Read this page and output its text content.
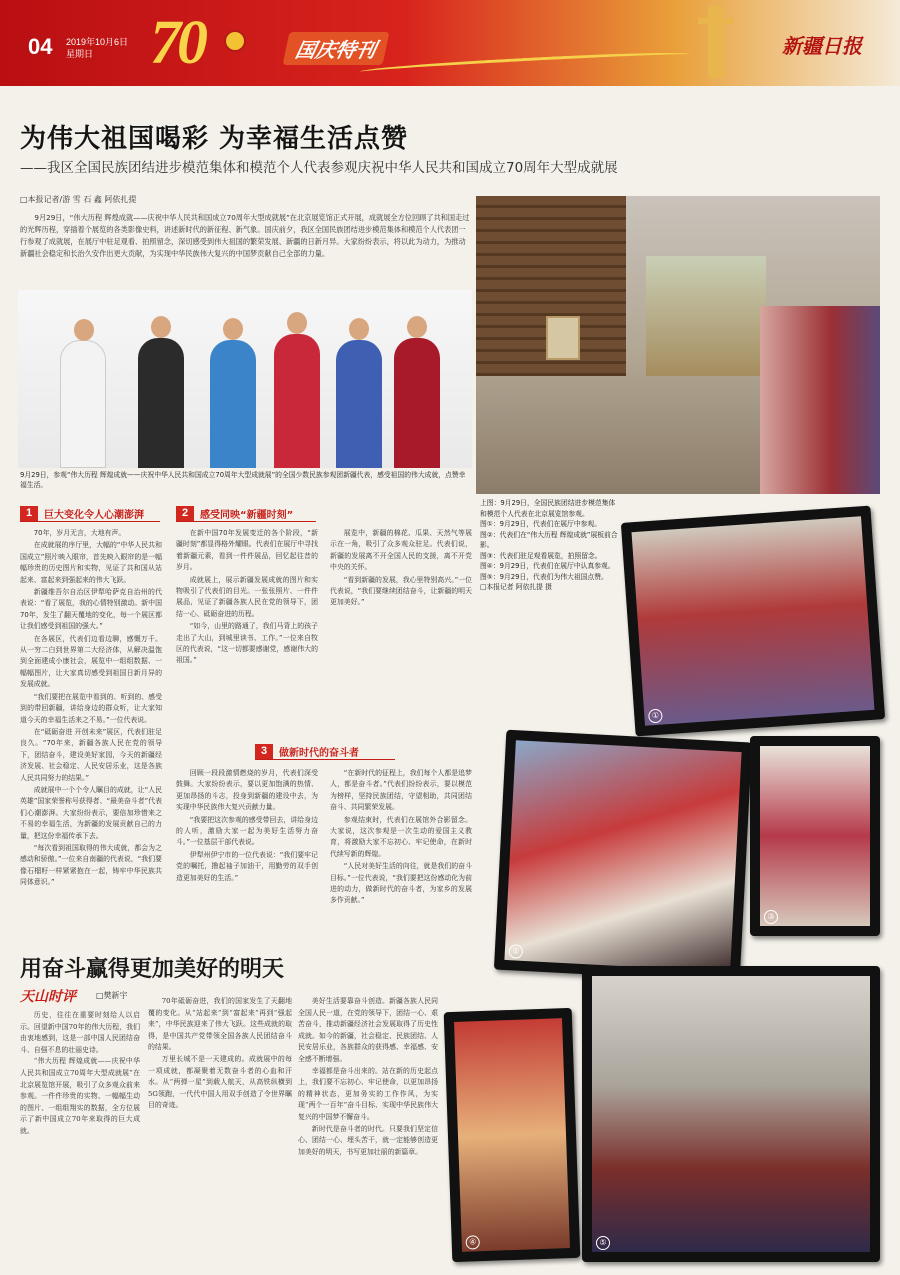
04 2019年10月6日
星期日 70	国庆特刊	新疆日报
为伟大祖国喝彩 为幸福生活点赞
——我区全国民族团结进步模范集体和模范个人代表参观庆祝中华人民共和国成立70周年大型成就展
□本报记者/游 雪 石 鑫 阿依扎提

9月29日，“伟大历程 辉煌成就——庆祝中华人民共和国成立70周年大型成就展”在北京展览馆正式开展，成就展全方位回顾了共和国走过的光辉历程，穿插着个展览的各类影像史料，讲述新时代的新征程、新气象。国庆前夕，我区全国民族团结进步模范集体和模范个人代表团一行参观了成就展，在展厅中驻足观看、拍照留念，深切感受到伟大祖国的繁荣发展、新疆的日新月异。大家纷纷表示，将以此为动力，为推动新疆社会稳定和长治久安作出更大贡献，为实现中华民族伟大复兴的中国梦贡献自己全部的力量。

9月29日，参观“伟大历程 辉煌成就——庆祝中华人民共和国成立70周年大型成就展”的全国少数民族参观团新疆代表，感受祖国的伟大成就，点赞幸福生活。
1	巨大变化令人心潮澎湃

70年，岁月无言，大地有声。

在成就展的序厅里，大幅的“中华人民共和国成立”照片映入眼帘，首先映入眼帘的是一幅幅珍贵的历史图片和实物，见证了共和国从站起来、富起来到强起来的伟大飞跃。

新疆维吾尔自治区伊犁哈萨克自治州的代表说：“看了展览，我的心情特别激动。新中国70年，发生了翻天覆地的变化，每一个展区都让我们感受到祖国的强大。”

在各展区，代表们边看边聊，感慨万千。从一穷二白到世界第二大经济体，从解决温饱到全面建成小康社会，展览中一组组数据、一幅幅图片，让大家真切感受到祖国日新月异的发展成就。

“我们要把在展览中看到的、听到的、感受到的带回新疆，讲给身边的群众听，让大家知道今天的幸福生活来之不易。”一位代表说。

在“砥砺奋进 开创未来”展区，代表们驻足良久。“70年来，新疆各族人民在党的领导下，团结奋斗，建设美好家园，今天的新疆经济发展、社会稳定、人民安居乐业，这是各族人民共同努力的结果。”

成就展中一个个令人瞩目的成就，让“人民英雄”国家荣誉称号获得者、“最美奋斗者”代表们心潮澎湃。大家纷纷表示，要倍加珍惜来之不易的幸福生活，为新疆的发展贡献自己的力量，把这份幸福传承下去。

“每次看到祖国取得的伟大成就，都会为之感动和骄傲。”一位来自南疆的代表说，“我们要像石榴籽一样紧紧抱在一起，铸牢中华民族共同体意识。”

2	感受同映“新疆时刻”

在新中国70年发展变迁的各个阶段，“新疆时刻”都显得格外耀眼。代表们在展厅中寻找着新疆元素，看到一件件展品，回忆起往昔的岁月。

成就展上，展示新疆发展成就的图片和实物吸引了代表们的目光。一张张照片、一件件展品，见证了新疆各族人民在党的领导下，团结一心、砥砺奋进的历程。

“如今，山里的路通了，我们马背上的孩子走出了大山，到城里读书、工作。”一位来自牧区的代表说，“这一切都要感谢党，感谢伟大的祖国。”

展览中，新疆的棉花、瓜果、天然气等展示在一角，吸引了众多观众驻足。代表们说，新疆的发展离不开全国人民的支援，离不开党中央的关怀。

“看到新疆的发展，我心里特别高兴。”一位代表说，“我们要继续团结奋斗，让新疆的明天更加美好。”

3	做新时代的奋斗者

回顾一段段激情燃烧的岁月，代表们深受鼓舞。大家纷纷表示，要以更加饱满的热情、更加昂扬的斗志，投身到新疆的建设中去，为实现中华民族伟大复兴贡献力量。

“我要把这次参观的感受带回去，讲给身边的人听，激励大家一起为美好生活努力奋斗。”一位基层干部代表说。

伊犁州伊宁市的一位代表说：“我们要牢记党的嘱托，撸起袖子加油干，用勤劳的双手创造更加美好的生活。”

“在新时代的征程上，我们每个人都是追梦人，都是奋斗者。”代表们纷纷表示，要以模范为榜样，坚持民族团结，守望相助，共同团结奋斗、共同繁荣发展。

参观结束时，代表们在展馆外合影留念。大家说，这次参观是一次生动的爱国主义教育，将激励大家不忘初心、牢记使命，在新时代续写新的辉煌。

“人民对美好生活的向往，就是我们的奋斗目标。”一位代表说，“我们要把这份感动化为前进的动力，做新时代的奋斗者，为家乡的发展多作贡献。”

上图：9月29日，全国民族团结进步模范集体和模范个人代表在北京展览馆参观。
图①：9月29日，代表们在展厅中参观。
图②：代表们在“伟大历程 辉煌成就”展板前合影。
图③：代表们驻足观看展览，拍照留念。
图④：9月29日，代表们在展厅中认真参观。
图⑤：9月29日，代表们为伟大祖国点赞。
□本报记者 阿依扎提 摄
①
②
③
④	⑤
用奋斗赢得更加美好的明天
天山时评	□樊新宇

历史，往往在重要时刻给人以启示。回望新中国70年的伟大历程，我们由衷地感到，这是一部中国人民团结奋斗、自强不息的壮丽史诗。

“伟大历程 辉煌成就——庆祝中华人民共和国成立70周年大型成就展”在北京展览馆开展，吸引了众多观众前来参观。一件件珍贵的实物、一幅幅生动的图片、一组组翔实的数据，全方位展示了新中国成立70年来取得的巨大成就。

70年砥砺奋进，我们的国家发生了天翻地覆的变化。从“站起来”到“富起来”再到“强起来”，中华民族迎来了伟大飞跃。这些成就的取得，是中国共产党带领全国各族人民团结奋斗的结果。

万里长城不是一天建成的。成就展中的每一项成就，都凝聚着无数奋斗者的心血和汗水。从“两弹一星”到载人航天，从高铁纵横到5G领跑，一代代中国人用双手创造了令世界瞩目的奇迹。

美好生活要靠奋斗创造。新疆各族人民同全国人民一道，在党的领导下，团结一心、艰苦奋斗，推动新疆经济社会发展取得了历史性成就。如今的新疆，社会稳定、民族团结、人民安居乐业，各族群众的获得感、幸福感、安全感不断增强。

幸福都是奋斗出来的。站在新的历史起点上，我们要不忘初心、牢记使命，以更加昂扬的精神状态，更加务实的工作作风，为实现“两个一百年”奋斗目标、实现中华民族伟大复兴的中国梦不懈奋斗。

新时代是奋斗者的时代。只要我们坚定信心、团结一心、埋头苦干，就一定能够创造更加美好的明天，书写更加壮丽的新篇章。
